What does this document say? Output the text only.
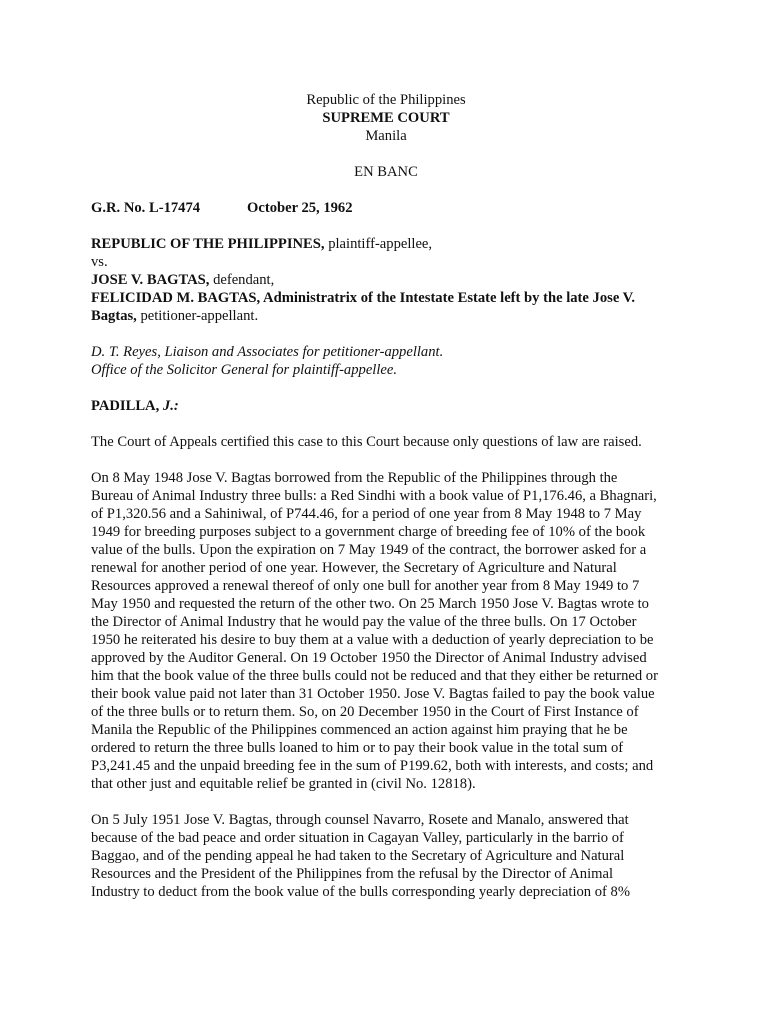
Republic of the Philippines
SUPREME COURT
Manila
EN BANC
G.R. No. L-17474	October 25, 1962
REPUBLIC OF THE PHILIPPINES, plaintiff-appellee,
vs.
JOSE V. BAGTAS, defendant,
FELICIDAD M. BAGTAS, Administratrix of the Intestate Estate left by the late Jose V.
Bagtas, petitioner-appellant.
D. T. Reyes, Liaison and Associates for petitioner-appellant.
Office of the Solicitor General for plaintiff-appellee.
PADILLA, J.:

The Court of Appeals certified this case to this Court because only questions of law are raised.

On 8 May 1948 Jose V. Bagtas borrowed from the Republic of the Philippines through the
Bureau of Animal Industry three bulls: a Red Sindhi with a book value of P1,176.46, a Bhagnari,
of P1,320.56 and a Sahiniwal, of P744.46, for a period of one year from 8 May 1948 to 7 May
1949 for breeding purposes subject to a government charge of breeding fee of 10% of the book
value of the bulls. Upon the expiration on 7 May 1949 of the contract, the borrower asked for a
renewal for another period of one year. However, the Secretary of Agriculture and Natural
Resources approved a renewal thereof of only one bull for another year from 8 May 1949 to 7
May 1950 and requested the return of the other two. On 25 March 1950 Jose V. Bagtas wrote to
the Director of Animal Industry that he would pay the value of the three bulls. On 17 October
1950 he reiterated his desire to buy them at a value with a deduction of yearly depreciation to be
approved by the Auditor General. On 19 October 1950 the Director of Animal Industry advised
him that the book value of the three bulls could not be reduced and that they either be returned or
their book value paid not later than 31 October 1950. Jose V. Bagtas failed to pay the book value
of the three bulls or to return them. So, on 20 December 1950 in the Court of First Instance of
Manila the Republic of the Philippines commenced an action against him praying that he be
ordered to return the three bulls loaned to him or to pay their book value in the total sum of
P3,241.45 and the unpaid breeding fee in the sum of P199.62, both with interests, and costs; and
that other just and equitable relief be granted in (civil No. 12818).
On 5 July 1951 Jose V. Bagtas, through counsel Navarro, Rosete and Manalo, answered that
because of the bad peace and order situation in Cagayan Valley, particularly in the barrio of
Baggao, and of the pending appeal he had taken to the Secretary of Agriculture and Natural
Resources and the President of the Philippines from the refusal by the Director of Animal
Industry to deduct from the book value of the bulls corresponding yearly depreciation of 8%
